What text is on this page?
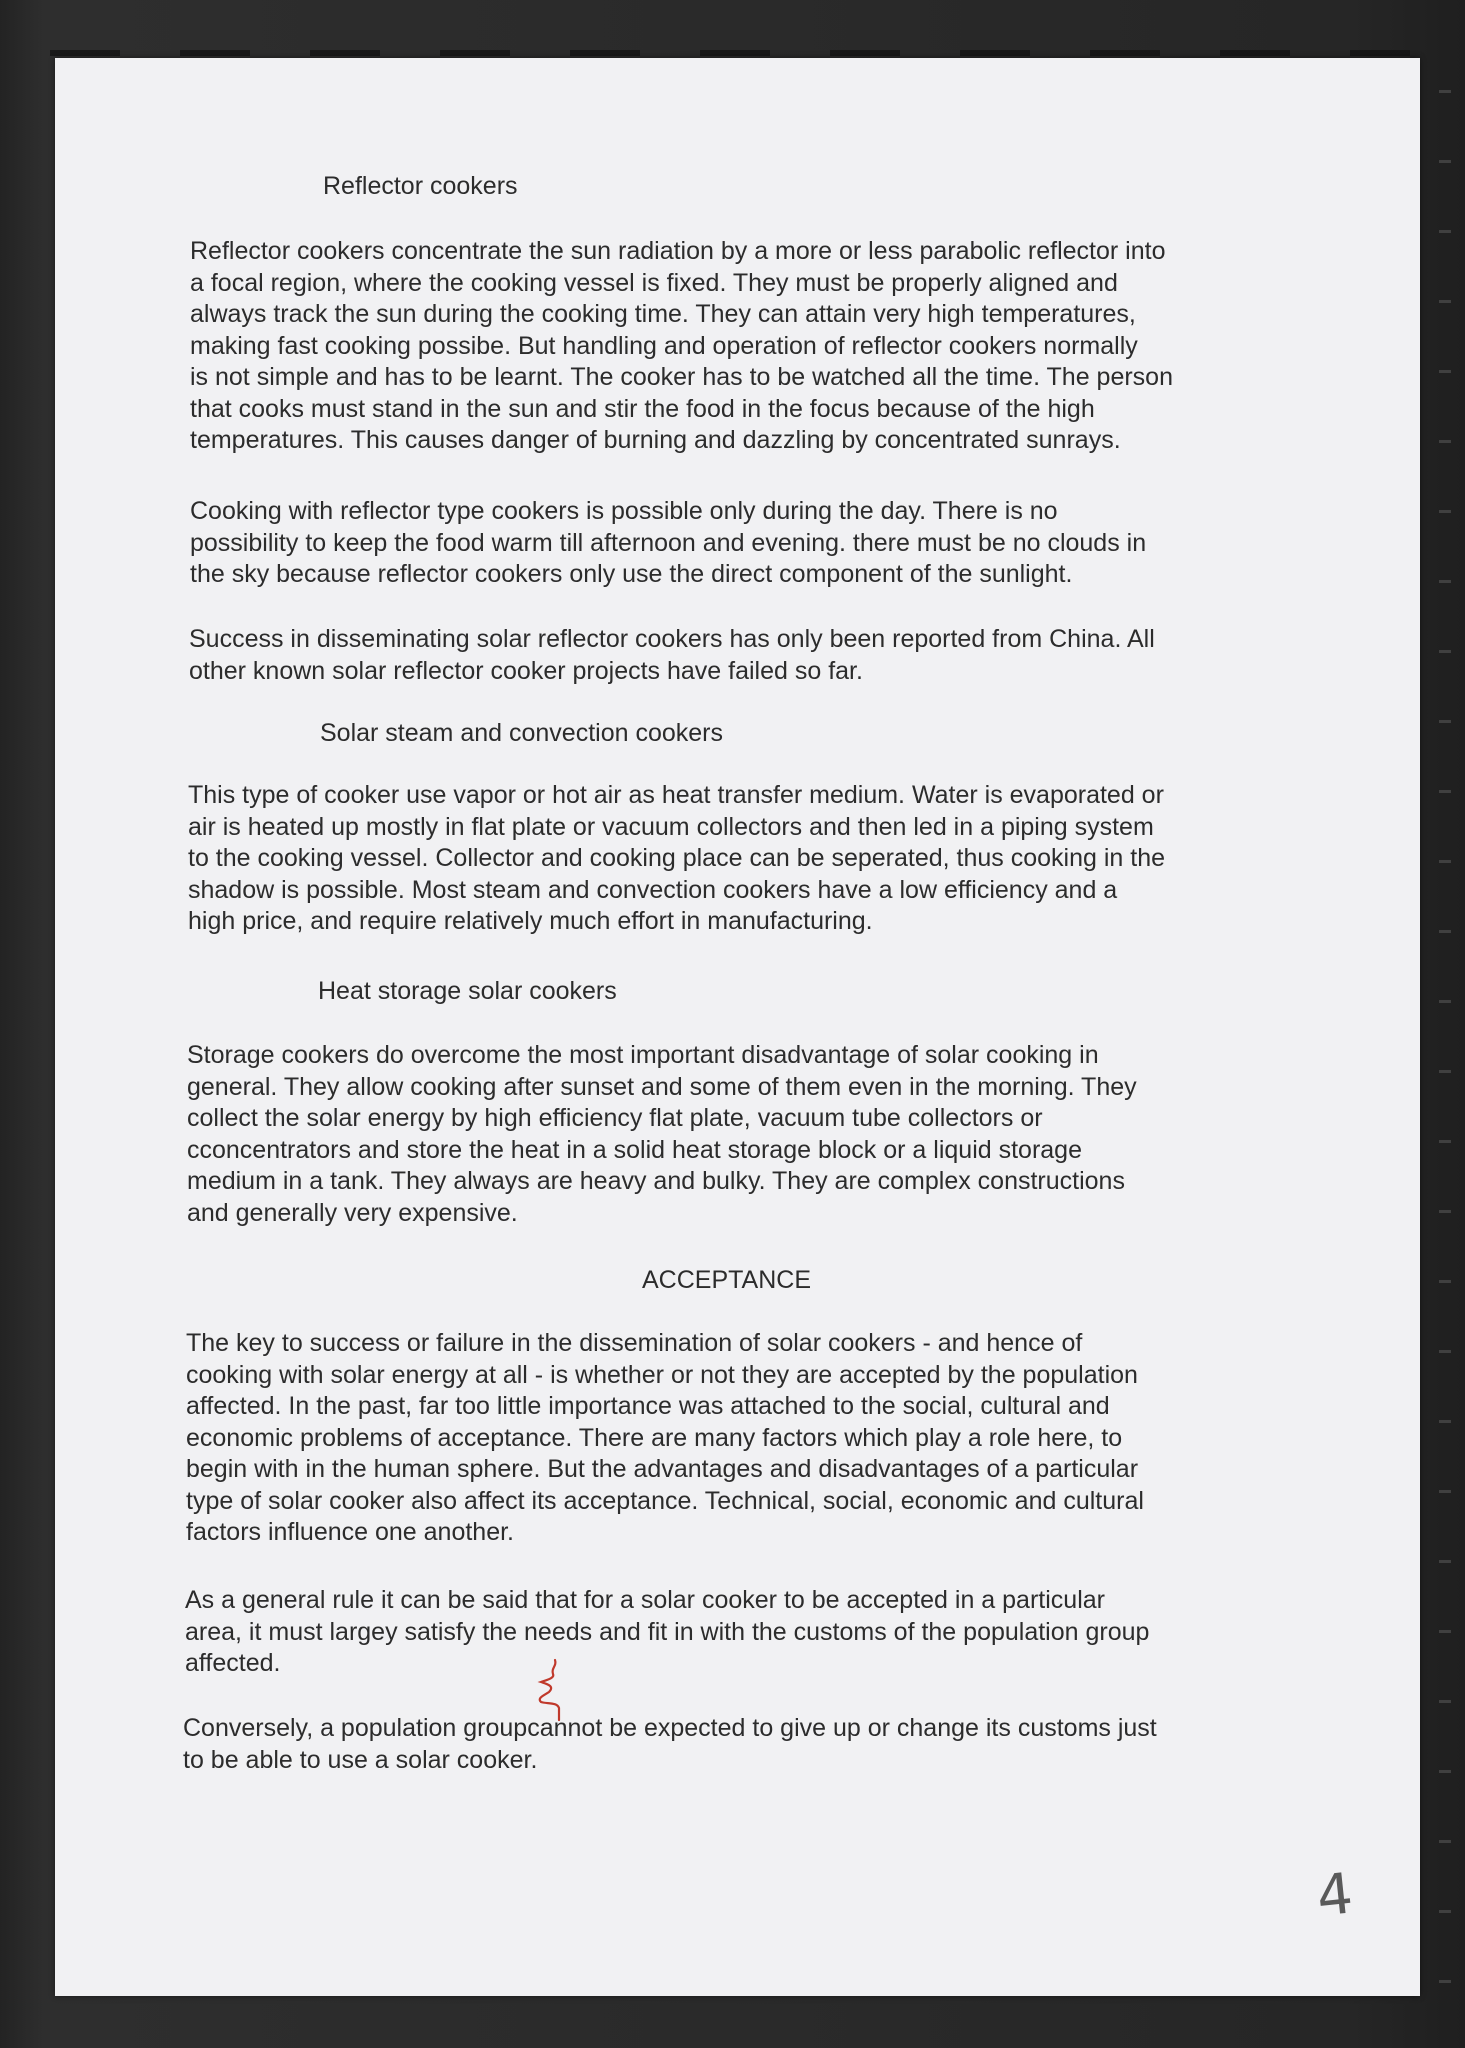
Reflector cookers
Reflector cookers concentrate the sun radiation by a more or less parabolic reflector into
a focal region, where the cooking vessel is fixed. They must be properly aligned and
always track the sun during the cooking time. They can attain very high temperatures,
making fast cooking possibe. But handling and operation of reflector cookers normally
is not simple and has to be learnt. The cooker has to be watched all the time. The person
that cooks must stand in the sun and stir the food in the focus because of the high
temperatures. This causes danger of burning and dazzling by concentrated sunrays.
Cooking with reflector type cookers is possible only during the day. There is no
possibility to keep the food warm till afternoon and evening. there must be no clouds in
the sky because reflector cookers only use the direct component of the sunlight.
Success in disseminating solar reflector cookers has only been reported from China. All
other known solar reflector cooker projects have failed so far.
Solar steam and convection cookers
This type of cooker use vapor or hot air as heat transfer medium. Water is evaporated or
air is heated up mostly in flat plate or vacuum collectors and then led in a piping system
to the cooking vessel. Collector and cooking place can be seperated, thus cooking in the
shadow is possible. Most steam and convection cookers have a low efficiency and a
high price, and require relatively much effort in manufacturing.
Heat storage solar cookers
Storage cookers do overcome the most important disadvantage of solar cooking in
general. They allow cooking after sunset and some of them even in the morning. They
collect the solar energy by high efficiency flat plate, vacuum tube collectors or
cconcentrators and store the heat in a solid heat storage block or a liquid storage
medium in a tank. They always are heavy and bulky. They are complex constructions
and generally very expensive.
ACCEPTANCE
The key to success or failure in the dissemination of solar cookers - and hence of
cooking with solar energy at all - is whether or not they are accepted by the population
affected. In the past, far too little importance was attached to the social, cultural and
economic problems of acceptance. There are many factors which play a role here, to
begin with in the human sphere. But the advantages and disadvantages of a particular
type of solar cooker also affect its acceptance. Technical, social, economic and cultural
factors influence one another.
As a general rule it can be said that for a solar cooker to be accepted in a particular
area, it must largey satisfy the needs and fit in with the customs of the population group
affected.
Conversely, a population groupcannot be expected to give up or change its customs just
to be able to use a solar cooker.
4
